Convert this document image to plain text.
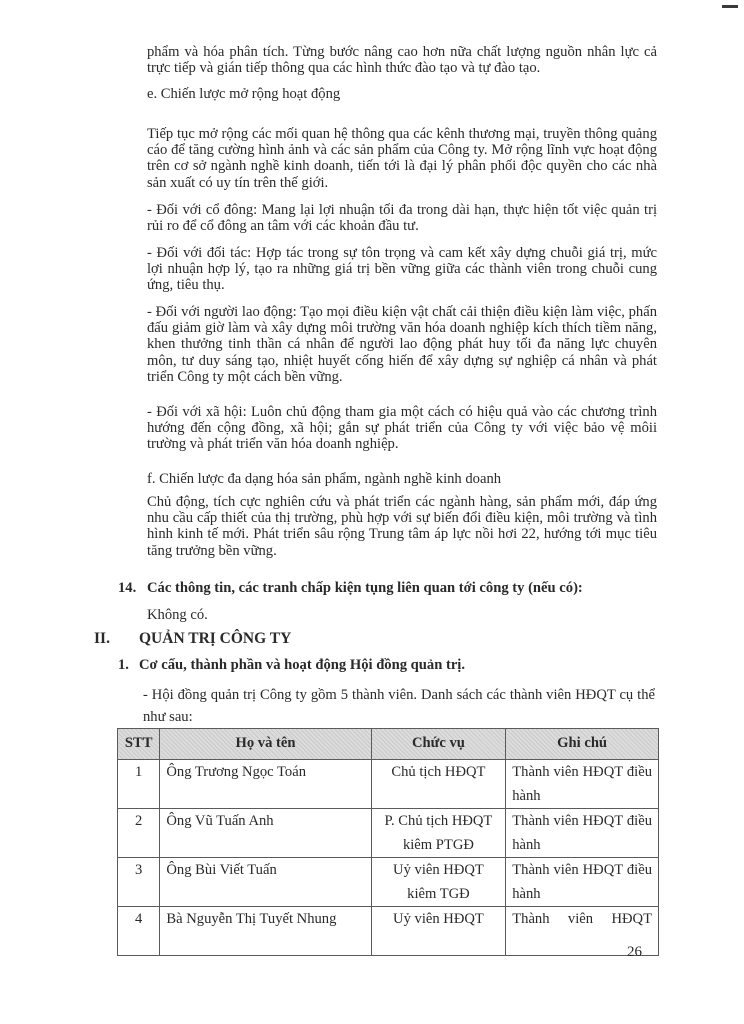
phẩm và hóa phân tích. Từng bước nâng cao hơn nữa chất lượng nguồn nhân lực cả trực tiếp và gián tiếp thông qua các hình thức đào tạo và tự đào tạo.
e. Chiến lược mở rộng hoạt động
Tiếp tục mở rộng các mối quan hệ thông qua các kênh thương mại, truyền thông quảng cáo để tăng cường hình ảnh và các sản phẩm của Công ty. Mở rộng lĩnh vực hoạt động trên cơ sở ngành nghề kinh doanh, tiến tới là đại lý phân phối độc quyền cho các nhà sản xuất có uy tín trên thế giới.
- Đối với cổ đông: Mang lại lợi nhuận tối đa trong dài hạn, thực hiện tốt việc quản trị rủi ro để cổ đông an tâm với các khoản đầu tư.
- Đối với đối tác: Hợp tác trong sự tôn trọng và cam kết xây dựng chuỗi giá trị, mức lợi nhuận hợp lý, tạo ra những giá trị bền vững giữa các thành viên trong chuỗi cung ứng, tiêu thụ.
- Đối với người lao động: Tạo mọi điều kiện vật chất cải thiện điều kiện làm việc, phấn đấu giảm giờ làm và xây dựng môi trường văn hóa doanh nghiệp kích thích tiềm năng, khen thưởng tinh thần cá nhân để người lao động phát huy tối đa năng lực chuyên môn, tư duy sáng tạo, nhiệt huyết cống hiến để xây dựng sự nghiệp cá nhân và phát triển Công ty một cách bền vững.
- Đối với xã hội: Luôn chủ động tham gia một cách có hiệu quả vào các chương trình hướng đến cộng đồng, xã hội; gắn sự phát triển của Công ty với việc bảo vệ môii trường và phát triển văn hóa doanh nghiệp.
f. Chiến lược đa dạng hóa sản phẩm, ngành nghề kinh doanh
Chủ động, tích cực nghiên cứu và phát triển các ngành hàng, sản phẩm mới, đáp ứng nhu cầu cấp thiết của thị trường, phù hợp với sự biến đổi điều kiện, môi trường và tình hình kinh tế mới. Phát triển sâu rộng Trung tâm áp lực nồi hơi 22, hướng tới mục tiêu tăng trưởng bền vững.
14. Các thông tin, các tranh chấp kiện tụng liên quan tới công ty (nếu có):
Không có.
II. QUẢN TRỊ CÔNG TY
1. Cơ cấu, thành phần và hoạt động Hội đồng quản trị.
- Hội đồng quản trị Công ty gồm 5 thành viên. Danh sách các thành viên HĐQT cụ thể như sau:
STT	Họ và tên	Chức vụ	Ghi chú
1	Ông Trương Ngọc Toán	Chủ tịch HĐQT	Thành viên HĐQT điều hành
2	Ông Vũ Tuấn Anh	P. Chủ tịch HĐQT kiêm PTGĐ	Thành viên HĐQT điều hành
3	Ông Bùi Viết Tuấn	Uỷ viên HĐQT kiêm TGĐ	Thành viên HĐQT điều hành
4	Bà Nguyễn Thị Tuyết Nhung	Uỷ viên HĐQT	Thành viên HĐQT
26
